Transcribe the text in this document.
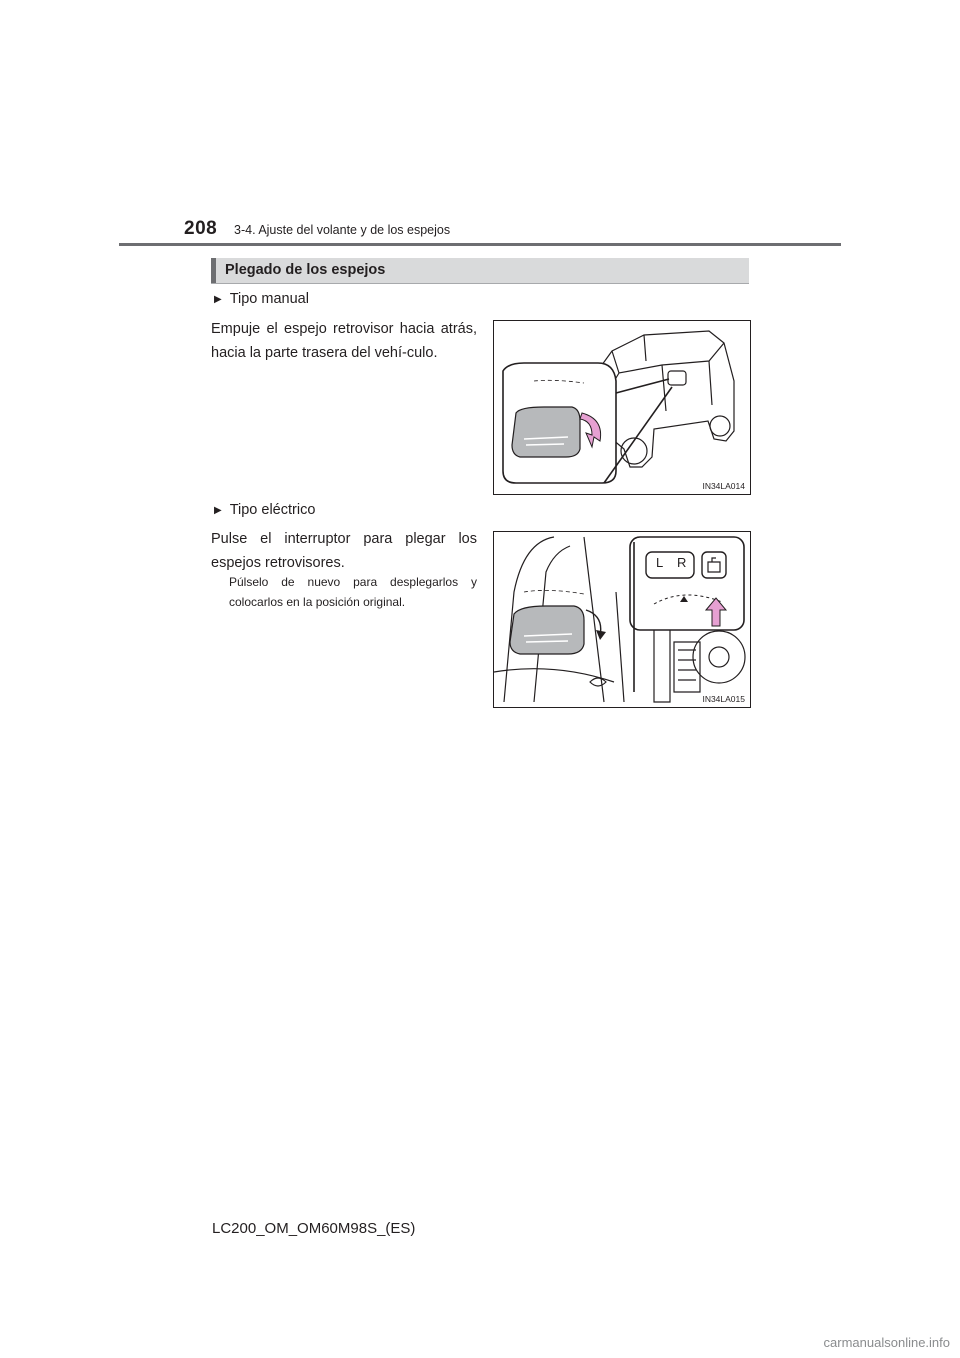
208 3-4. Ajuste del volante y de los espejos
Plegado de los espejos
▶ Tipo manual
Empuje el espejo retrovisor hacia atrás, hacia la parte trasera del vehí-culo.
IN34LA014
▶ Tipo eléctrico
Pulse el interruptor para plegar los espejos retrovisores.
Púlselo de nuevo para desplegarlos y colocarlos en la posición original.
L R
IN34LA015
LC200_OM_OM60M98S_(ES)
carmanualsonline.info
